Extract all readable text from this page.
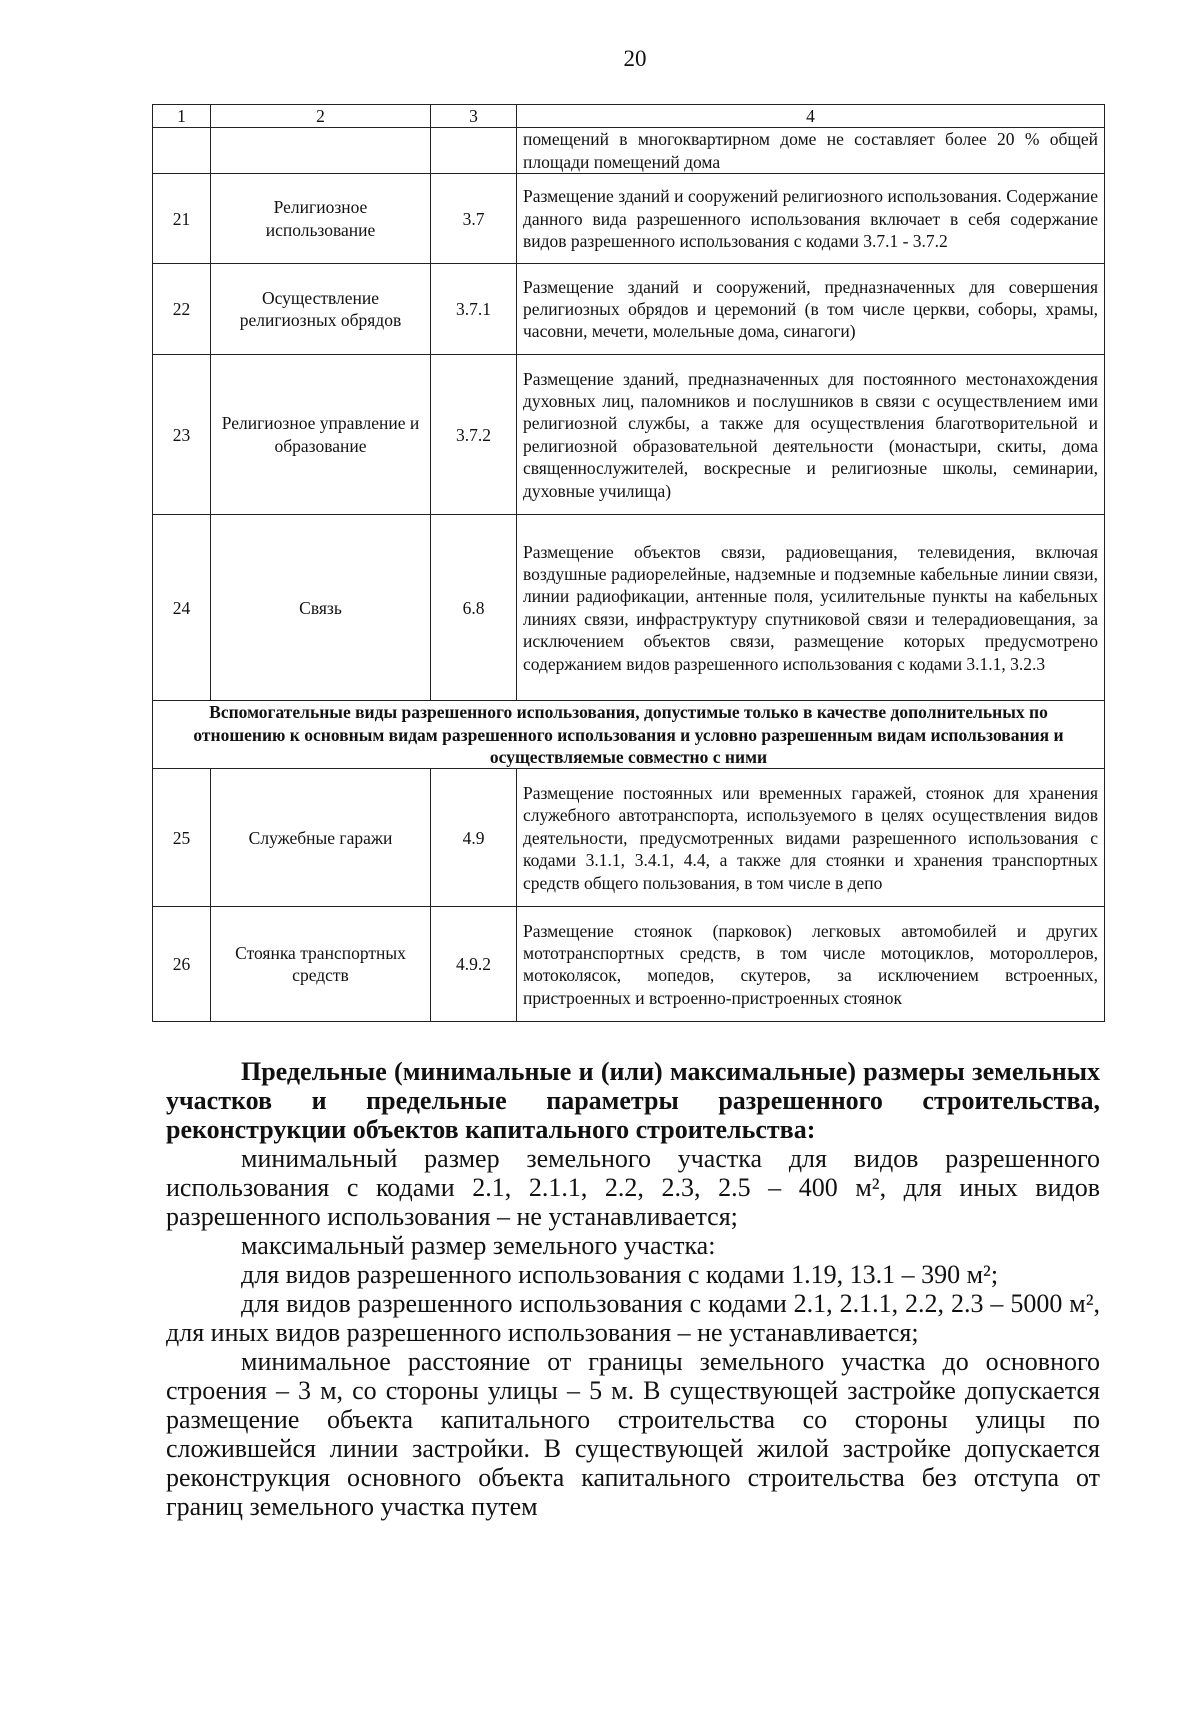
20
1	2	3	4
			помещений в многоквартирном доме не составляет более 20 % общей площади помещений дома
21	Религиозное использование	3.7	Размещение зданий и сооружений религиозного использования. Содержание данного вида разрешенного использования включает в себя содержание видов разрешенного использования с кодами 3.7.1 - 3.7.2
22	Осуществление религиозных обрядов	3.7.1	Размещение зданий и сооружений, предназначенных для совершения религиозных обрядов и церемоний (в том числе церкви, соборы, храмы, часовни, мечети, молельные дома, синагоги)
23	Религиозное управление и образование	3.7.2	Размещение зданий, предназначенных для постоянного местонахождения духовных лиц, паломников и послушников в связи с осуществлением ими религиозной службы, а также для осуществления благотворительной и религиозной образовательной деятельности (монастыри, скиты, дома священнослужителей, воскресные и религиозные школы, семинарии, духовные училища)
24	Связь	6.8	Размещение объектов связи, радиовещания, телевидения, включая воздушные радиорелейные, надземные и подземные кабельные линии связи, линии радиофикации, антенные поля, усилительные пункты на кабельных линиях связи, инфраструктуру спутниковой связи и телерадиовещания, за исключением объектов связи, размещение которых предусмотрено содержанием видов разрешенного использования с кодами 3.1.1, 3.2.3
Вспомогательные виды разрешенного использования, допустимые только в качестве дополнительных по отношению к основным видам разрешенного использования и условно разрешенным видам использования и осуществляемые совместно с ними			
25	Служебные гаражи	4.9	Размещение постоянных или временных гаражей, стоянок для хранения служебного автотранспорта, используемого в целях осуществления видов деятельности, предусмотренных видами разрешенного использования с кодами 3.1.1, 3.4.1, 4.4, а также для стоянки и хранения транспортных средств общего пользования, в том числе в депо
26	Стоянка транспортных средств	4.9.2	Размещение стоянок (парковок) легковых автомобилей и других мототранспортных средств, в том числе мотоциклов, мотороллеров, мотоколясок, мопедов, скутеров, за исключением встроенных, пристроенных и встроенно-пристроенных стоянок

Предельные (минимальные и (или) максимальные) размеры земельных участков и предельные параметры разрешенного строительства, реконструкции объектов капитального строительства:

минимальный размер земельного участка для видов разрешенного использования с кодами 2.1, 2.1.1, 2.2, 2.3, 2.5 – 400 м², для иных видов разрешенного использования – не устанавливается;

максимальный размер земельного участка:

для видов разрешенного использования с кодами 1.19, 13.1 – 390 м²;

для видов разрешенного использования с кодами 2.1, 2.1.1, 2.2, 2.3 – 5000 м², для иных видов разрешенного использования – не устанавливается;

минимальное расстояние от границы земельного участка до основного строения – 3 м, со стороны улицы – 5 м. В существующей застройке допускается размещение объекта капитального строительства со стороны улицы по сложившейся линии застройки. В существующей жилой застройке допускается реконструкция основного объекта капитального строительства без отступа от границ земельного участка путем
